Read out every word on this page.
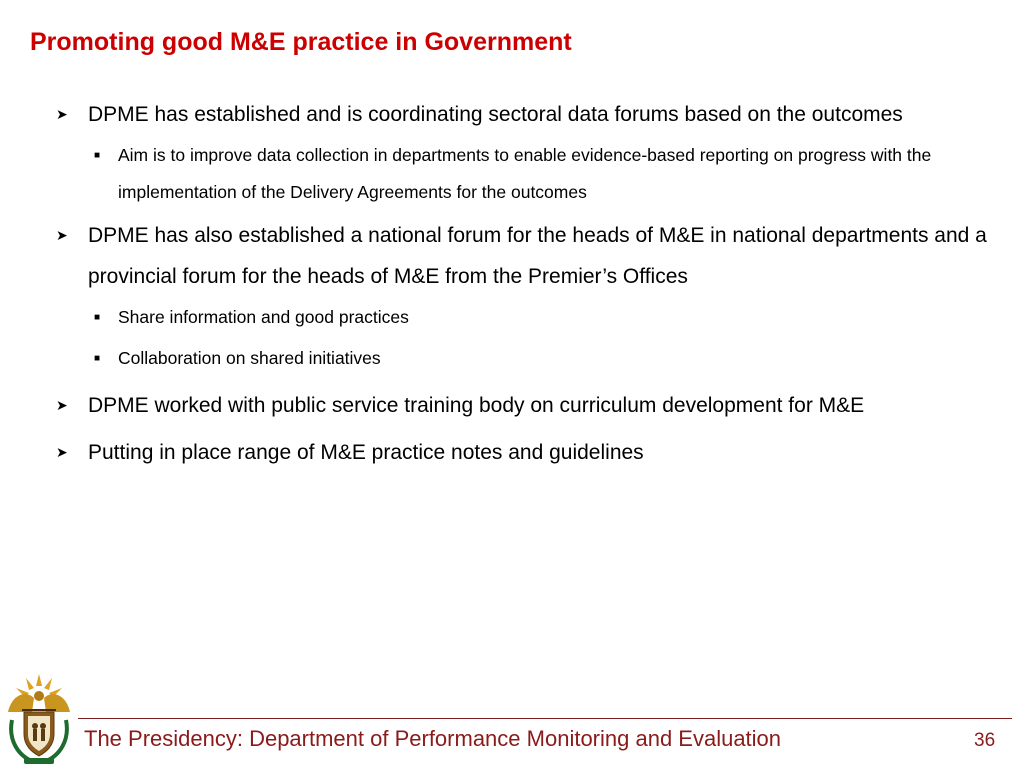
Promoting good M&E practice in Government
➤ DPME has established and is coordinating sectoral data forums based on the outcomes
■ Aim is to improve data collection in departments to enable evidence-based reporting on progress with the implementation of the Delivery Agreements for the outcomes
➤ DPME has also established a national forum for the heads of M&E in national departments and a provincial forum for the heads of M&E from the Premier’s Offices
■ Share information and good practices
■ Collaboration on shared initiatives
➤ DPME worked with public service training body on curriculum development for M&E
➤ Putting in place range of M&E practice notes and guidelines
The Presidency: Department of Performance Monitoring and Evaluation	36
